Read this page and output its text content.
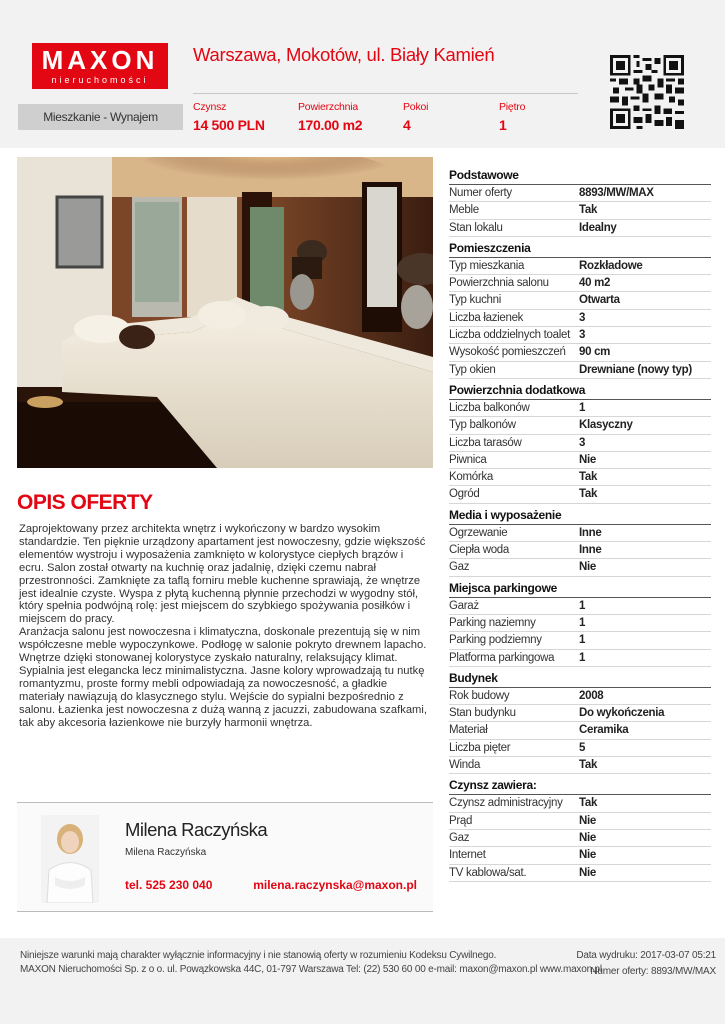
MAXON
nieruchomości
Warszawa, Mokotów, ul. Biały Kamień
Mieszkanie - Wynajem
Czynsz
14 500 PLN
Powierzchnia
170.00 m2
Pokoi
4
Piętro
1
OPIS OFERTY

Zaprojektowany przez architekta wnętrz i wykończony w bardzo wysokim standardzie. Ten pięknie urządzony apartament jest nowoczesny, gdzie większość elementów wystroju i wyposażenia zamknięto w kolorystyce ciepłych brązów i ecru. Salon został otwarty na kuchnię oraz jadalnię, dzięki czemu nabrał przestronności. Zamknięte za taflą forniru meble kuchenne sprawiają, że wnętrze jest idealnie czyste. Wyspa z płytą kuchenną płynnie przechodzi w wygodny stół, który spełnia podwójną rolę: jest miejscem do szybkiego spożywania posiłków i miejscem do pracy.

Aranżacja salonu jest nowoczesna i klimatyczna, doskonale prezentują się w nim współczesne meble wypoczynkowe. Podłogę w salonie pokryto drewnem lapacho. Wnętrze dzięki stonowanej kolorystyce zyskało naturalny, relaksujący klimat. Sypialnia jest elegancka lecz minimalistyczna. Jasne kolory wprowadzają tu nutkę romantyzmu, proste formy mebli odpowiadają za nowoczesność, a gładkie materiały nawiązują do klasycznego stylu. Wejście do sypialni bezpośrednio z salonu. Łazienka jest nowoczesna z dużą wanną z jacuzzi, zabudowana szafkami, tak aby akcesoria łazienkowe nie burzyły harmonii wnętrza.

Milena Raczyńska
Milena Raczyńska
tel. 525 230 040	milena.raczynska@maxon.pl
Podstawowe
Numer oferty	8893/MW/MAX
Meble	Tak
Stan lokalu	Idealny
Pomieszczenia
Typ mieszkania	Rozkładowe
Powierzchnia salonu	40 m2
Typ kuchni	Otwarta
Liczba łazienek	3
Liczba oddzielnych toalet 3
Wysokość pomieszczeń 90 cm
Typ okien	Drewniane (nowy typ)
Powierzchnia dodatkowa
Liczba balkonów	1
Typ balkonów	Klasyczny
Liczba tarasów	3
Piwnica	Nie
Komórka	Tak
Ogród	Tak
Media i wyposażenie
Ogrzewanie	Inne
Ciepła woda	Inne
Gaz	Nie
Miejsca parkingowe
Garaż	1
Parking naziemny	1
Parking podziemny	1
Platforma parkingowa 1
Budynek
Rok budowy	2008
Stan budynku	Do wykończenia
Materiał	Ceramika
Liczba pięter	5
Winda	Tak
Czynsz zawiera:
Czynsz administracyjny Tak
Prąd	Nie
Gaz	Nie
Internet	Nie
TV kablowa/sat.	Nie
Niniejsze warunki mają charakter wyłącznie informacyjny i nie stanowią oferty w rozumieniu Kodeksu Cywilnego.
MAXON Nieruchomości Sp. z o o. ul. Powązkowska 44C, 01-797 Warszawa Tel: (22) 530 60 00 e-mail: maxon@maxon.pl www.maxon.pl
Data wydruku: 2017-03-07 05:21
Numer oferty: 8893/MW/MAX
